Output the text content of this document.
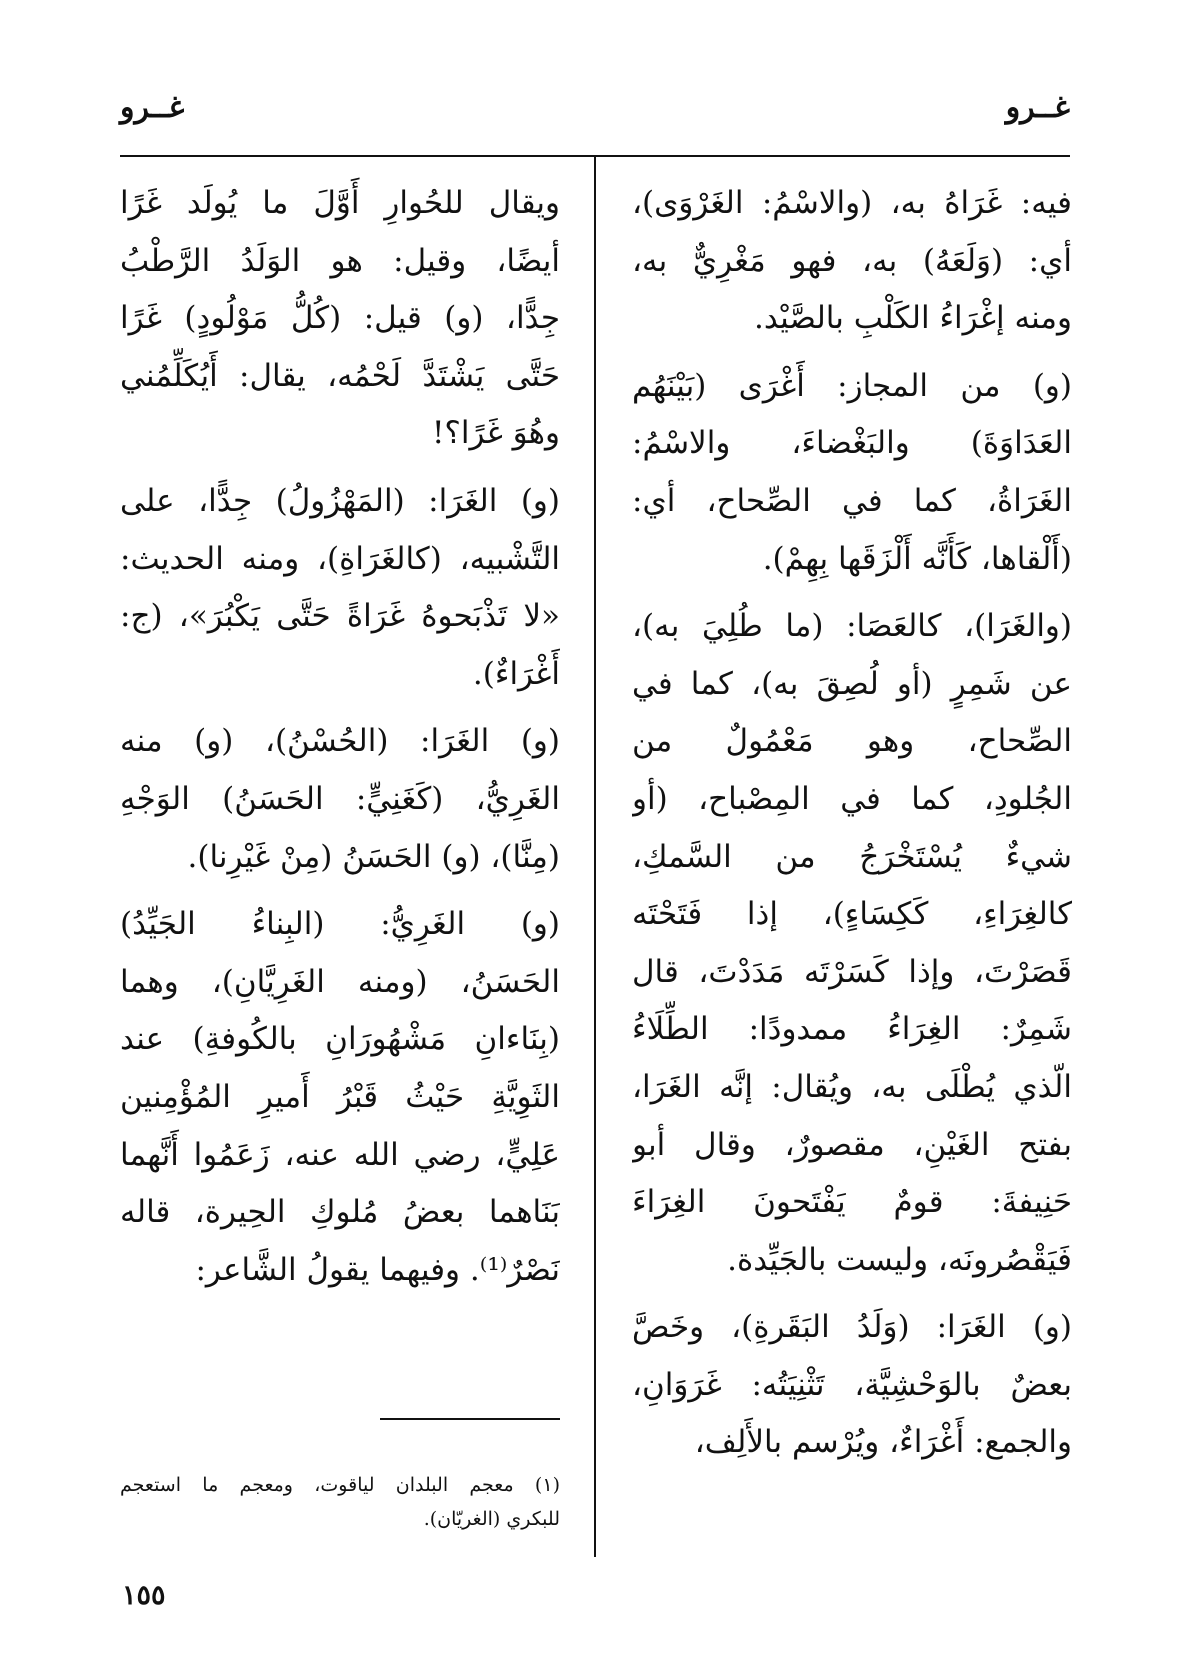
غــرو
غــرو
فيه: غَرَاهُ به، (والاسْمُ: الغَرْوَى)،
أي: (وَلَعَهُ) به، فهو مَغْرِيٌّ به،
ومنه إغْرَاءُ الكَلْبِ بالصَّيْد.
(و) من المجاز: أَغْرَى (بَيْنَهُم
العَدَاوَةَ) والبَغْضاءَ، والاسْمُ:
الغَرَاةُ، كما في الصِّحاح، أي:
(أَلْقاها، كَأَنَّه أَلْزَقَها بِهِمْ).
(والغَرَا)، كالعَصَا: (ما طُلِيَ به)،
عن شَمِرٍ (أو لُصِقَ به)، كما في
الصِّحاح، وهو مَعْمُولٌ من
الجُلودِ، كما في المِصْباح، (أو
شيءٌ يُسْتَخْرَجُ من السَّمكِ،
كالغِرَاءِ، كَكِسَاءٍ)، إذا فَتَحْتَه
قَصَرْتَ، وإذا كَسَرْتَه مَدَدْتَ، قال
شَمِرٌ: الغِرَاءُ ممدودًا: الطِّلَاءُ
الّذي يُطْلَى به، ويُقال: إنَّه الغَرَا،
بفتح الغَيْنِ، مقصورٌ، وقال أبو
حَنِيفةَ: قومٌ يَفْتَحونَ الغِرَاءَ
فَيَقْصُرونَه، وليست بالجَيِّدة.
(و) الغَرَا: (وَلَدُ البَقَرةِ)، وخَصَّ
بعضٌ بالوَحْشِيَّة، تَثْنِيَتُه: غَرَوَانِ،
والجمع: أَغْرَاءٌ، ويُرْسم بالأَلِف،
ويقال للحُوارِ أَوَّلَ ما يُولَد غَرًا
أيضًا، وقيل: هو الوَلَدُ الرَّطْبُ
جِدًّا، (و) قيل: (كُلُّ مَوْلُودٍ) غَرًا
حَتَّى يَشْتَدَّ لَحْمُه، يقال: أَيُكَلِّمُني
وهُوَ غَرًا؟!
(و) الغَرَا: (المَهْزُولُ) جِدًّا، على
التَّشْبيه، (كالغَرَاةِ)، ومنه الحديث:
«لا تَذْبَحوهُ غَرَاةً حَتَّى يَكْبُرَ»، (ج:
أَغْرَاءٌ).
(و) الغَرَا: (الحُسْنُ)، (و) منه
الغَرِيُّ، (كَغَنِيٍّ: الحَسَنُ) الوَجْهِ
(مِنَّا)، (و) الحَسَنُ (مِنْ غَيْرِنا).
(و) الغَرِيُّ: (البِناءُ الجَيِّدُ)
الحَسَنُ، (ومنه الغَرِيَّانِ)، وهما
(بِنَاءانِ مَشْهُورَانِ بالكُوفةِ) عند
الثَوِيَّةِ حَيْثُ قَبْرُ أَميرِ المُؤْمِنين
عَلِيٍّ، رضي الله عنه، زَعَمُوا أَنَّهما
بَنَاهما بعضُ مُلوكِ الحِيرة، قاله
نَصْرٌ⁽¹⁾. وفيهما يقولُ الشَّاعر:
(١) معجم البلدان لياقوت، ومعجم ما استعجم
للبكري (الغريّان).
١٥٥
